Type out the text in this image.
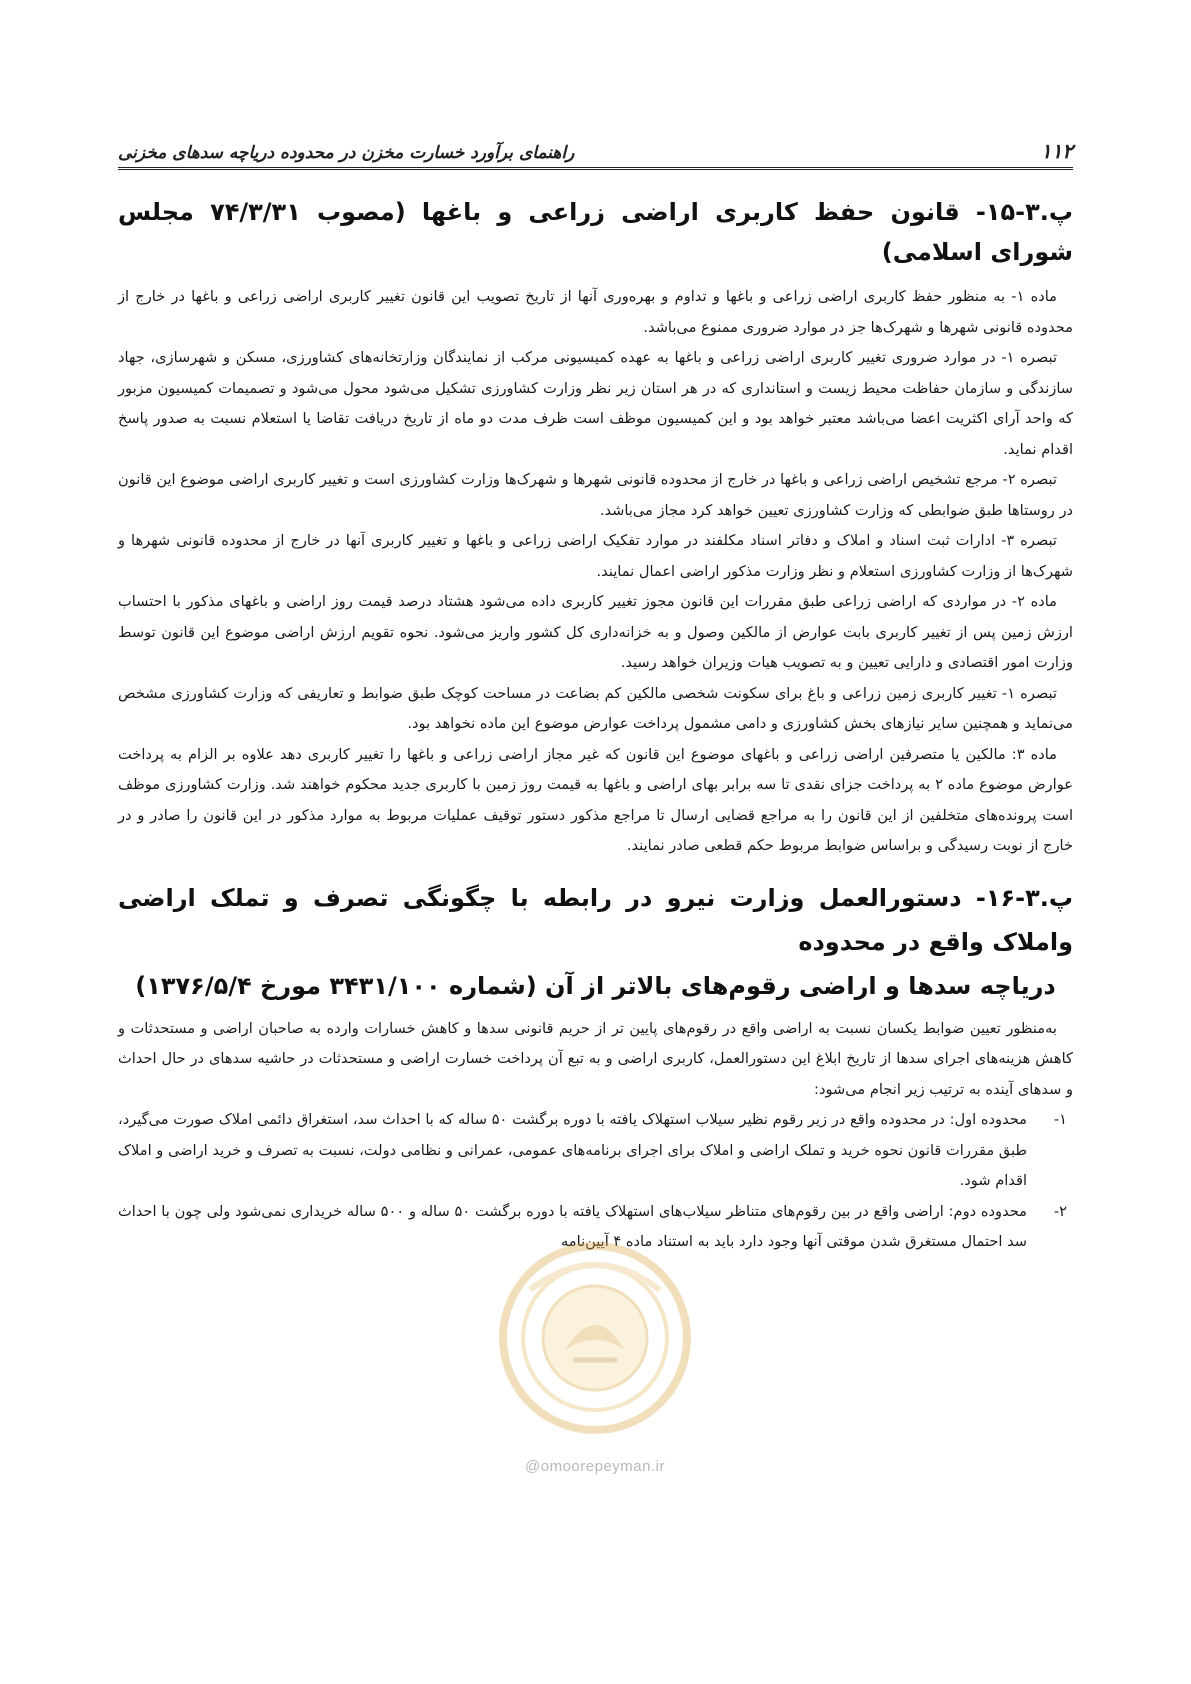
۱۱۲
راهنمای برآورد خسارت مخزن در محدوده دریاچه سدهای مخزنی
پ.۳-۱۵- قانون حفظ کاربری اراضی زراعی و باغها (مصوب ۷۴/۳/۳۱ مجلس شورای اسلامی)

ماده ۱- به منظور حفظ کاربری اراضی زراعی و باغها و تداوم و بهره‌وری آنها از تاریخ تصویب این قانون تغییر کاربری اراضی زراعی و باغها در خارج از محدوده قانونی شهرها و شهرک‌ها جز در موارد ضروری ممنوع می‌باشد.

تبصره ۱- در موارد ضروری تغییر کاربری اراضی زراعی و باغها به عهده کمیسیونی مرکب از نمایندگان وزارتخانه‌های کشاورزی، مسکن و شهرسازی، جهاد سازندگی و سازمان حفاظت محیط زیست و استانداری که در هر استان زیر نظر وزارت کشاورزی تشکیل می‌شود محول می‌شود و تصمیمات کمیسیون مزبور که واحد آرای اکثریت اعضا می‌باشد معتبر خواهد بود و این کمیسیون موظف است ظرف مدت دو ماه از تاریخ دریافت تقاضا یا استعلام نسبت به صدور پاسخ اقدام نماید.

تبصره ۲- مرجع تشخیص اراضی زراعی و باغها در خارج از محدوده قانونی شهرها و شهرک‌ها وزارت کشاورزی است و تغییر کاربری اراضی موضوع این قانون در روستاها طبق ضوابطی که وزارت کشاورزی تعیین خواهد کرد مجاز می‌باشد.

تبصره ۳- ادارات ثبت اسناد و املاک و دفاتر اسناد مکلفند در موارد تفکیک اراضی زراعی و باغها و تغییر کاربری آنها در خارج از محدوده قانونی شهرها و شهرک‌ها از وزارت کشاورزی استعلام و نظر وزارت مذکور اراضی اعمال نمایند.

ماده ۲- در مواردی که اراضی زراعی طبق مقررات این قانون مجوز تغییر کاربری داده می‌شود هشتاد درصد قیمت روز اراضی و باغهای مذکور با احتساب ارزش زمین پس از تغییر کاربری بابت عوارض از مالکین وصول و به خزانه‌داری کل کشور واریز می‌شود. نحوه تقویم ارزش اراضی موضوع این قانون توسط وزارت امور اقتصادی و دارایی تعیین و به تصویب هیات وزیران خواهد رسید.

تبصره ۱- تغییر کاربری زمین زراعی و باغ برای سکونت شخصی مالکین کم بضاعت در مساحت کوچک طبق ضوابط و تعاریفی که وزارت کشاورزی مشخص می‌نماید و همچنین سایر نیازهای بخش کشاورزی و دامی مشمول پرداخت عوارض موضوع این ماده نخواهد بود.

ماده ۳: مالکین یا متصرفین اراضی زراعی و باغهای موضوع این قانون که غیر مجاز اراضی زراعی و باغها را تغییر کاربری دهد علاوه بر الزام به پرداخت عوارض موضوع ماده ۲ به پرداخت جزای نقدی تا سه برابر بهای اراضی و باغها به قیمت روز زمین با کاربری جدید محکوم خواهند شد. وزارت کشاورزی موظف است پرونده‌های متخلفین از این قانون را به مراجع قضایی ارسال تا مراجع مذکور دستور توقیف عملیات مربوط به موارد مذکور در این قانون را صادر و در خارج از نوبت رسیدگی و براساس ضوابط مربوط حکم قطعی صادر نمایند.

پ.۳-۱۶- دستورالعمل وزارت نیرو در رابطه با چگونگی تصرف و تملک اراضی واملاک واقع در محدوده
دریاچه سدها و اراضی رقوم‌های بالاتر از آن (شماره ۳۴۳۱/۱۰۰ مورخ ۱۳۷۶/۵/۴)

به‌منظور تعیین ضوابط یکسان نسبت به اراضی واقع در رقوم‌های پایین تر از حریم قانونی سدها و کاهش خسارات وارده به صاحبان اراضی و مستحدثات و کاهش هزینه‌های اجرای سدها از تاریخ ابلاغ این دستورالعمل، کاربری اراضی و به تبع آن پرداخت خسارت اراضی و مستحدثات در حاشیه سدهای در حال احداث و سدهای آینده به ترتیب زیر انجام می‌شود:

۱-
محدوده اول: در محدوده واقع در زیر رقوم نظیر سیلاب استهلاک یافته با دوره برگشت ۵۰ ساله که با احداث سد، استغراق دائمی املاک صورت می‌گیرد، طبق مقررات قانون نحوه خرید و تملک اراضی و املاک برای اجرای برنامه‌های عمومی، عمرانی و نظامی دولت، نسبت به تصرف و خرید اراضی و املاک اقدام شود.
۲-
محدوده دوم: اراضی واقع در بین رقوم‌های متناظر سیلاب‌های استهلاک یافته با دوره برگشت ۵۰ ساله و ۵۰۰ ساله خریداری نمی‌شود ولی چون با احداث سد احتمال مستغرق شدن موقتی آنها وجود دارد باید به استناد ماده ۴ آیین‌نامه
@omoorepeyman.ir
